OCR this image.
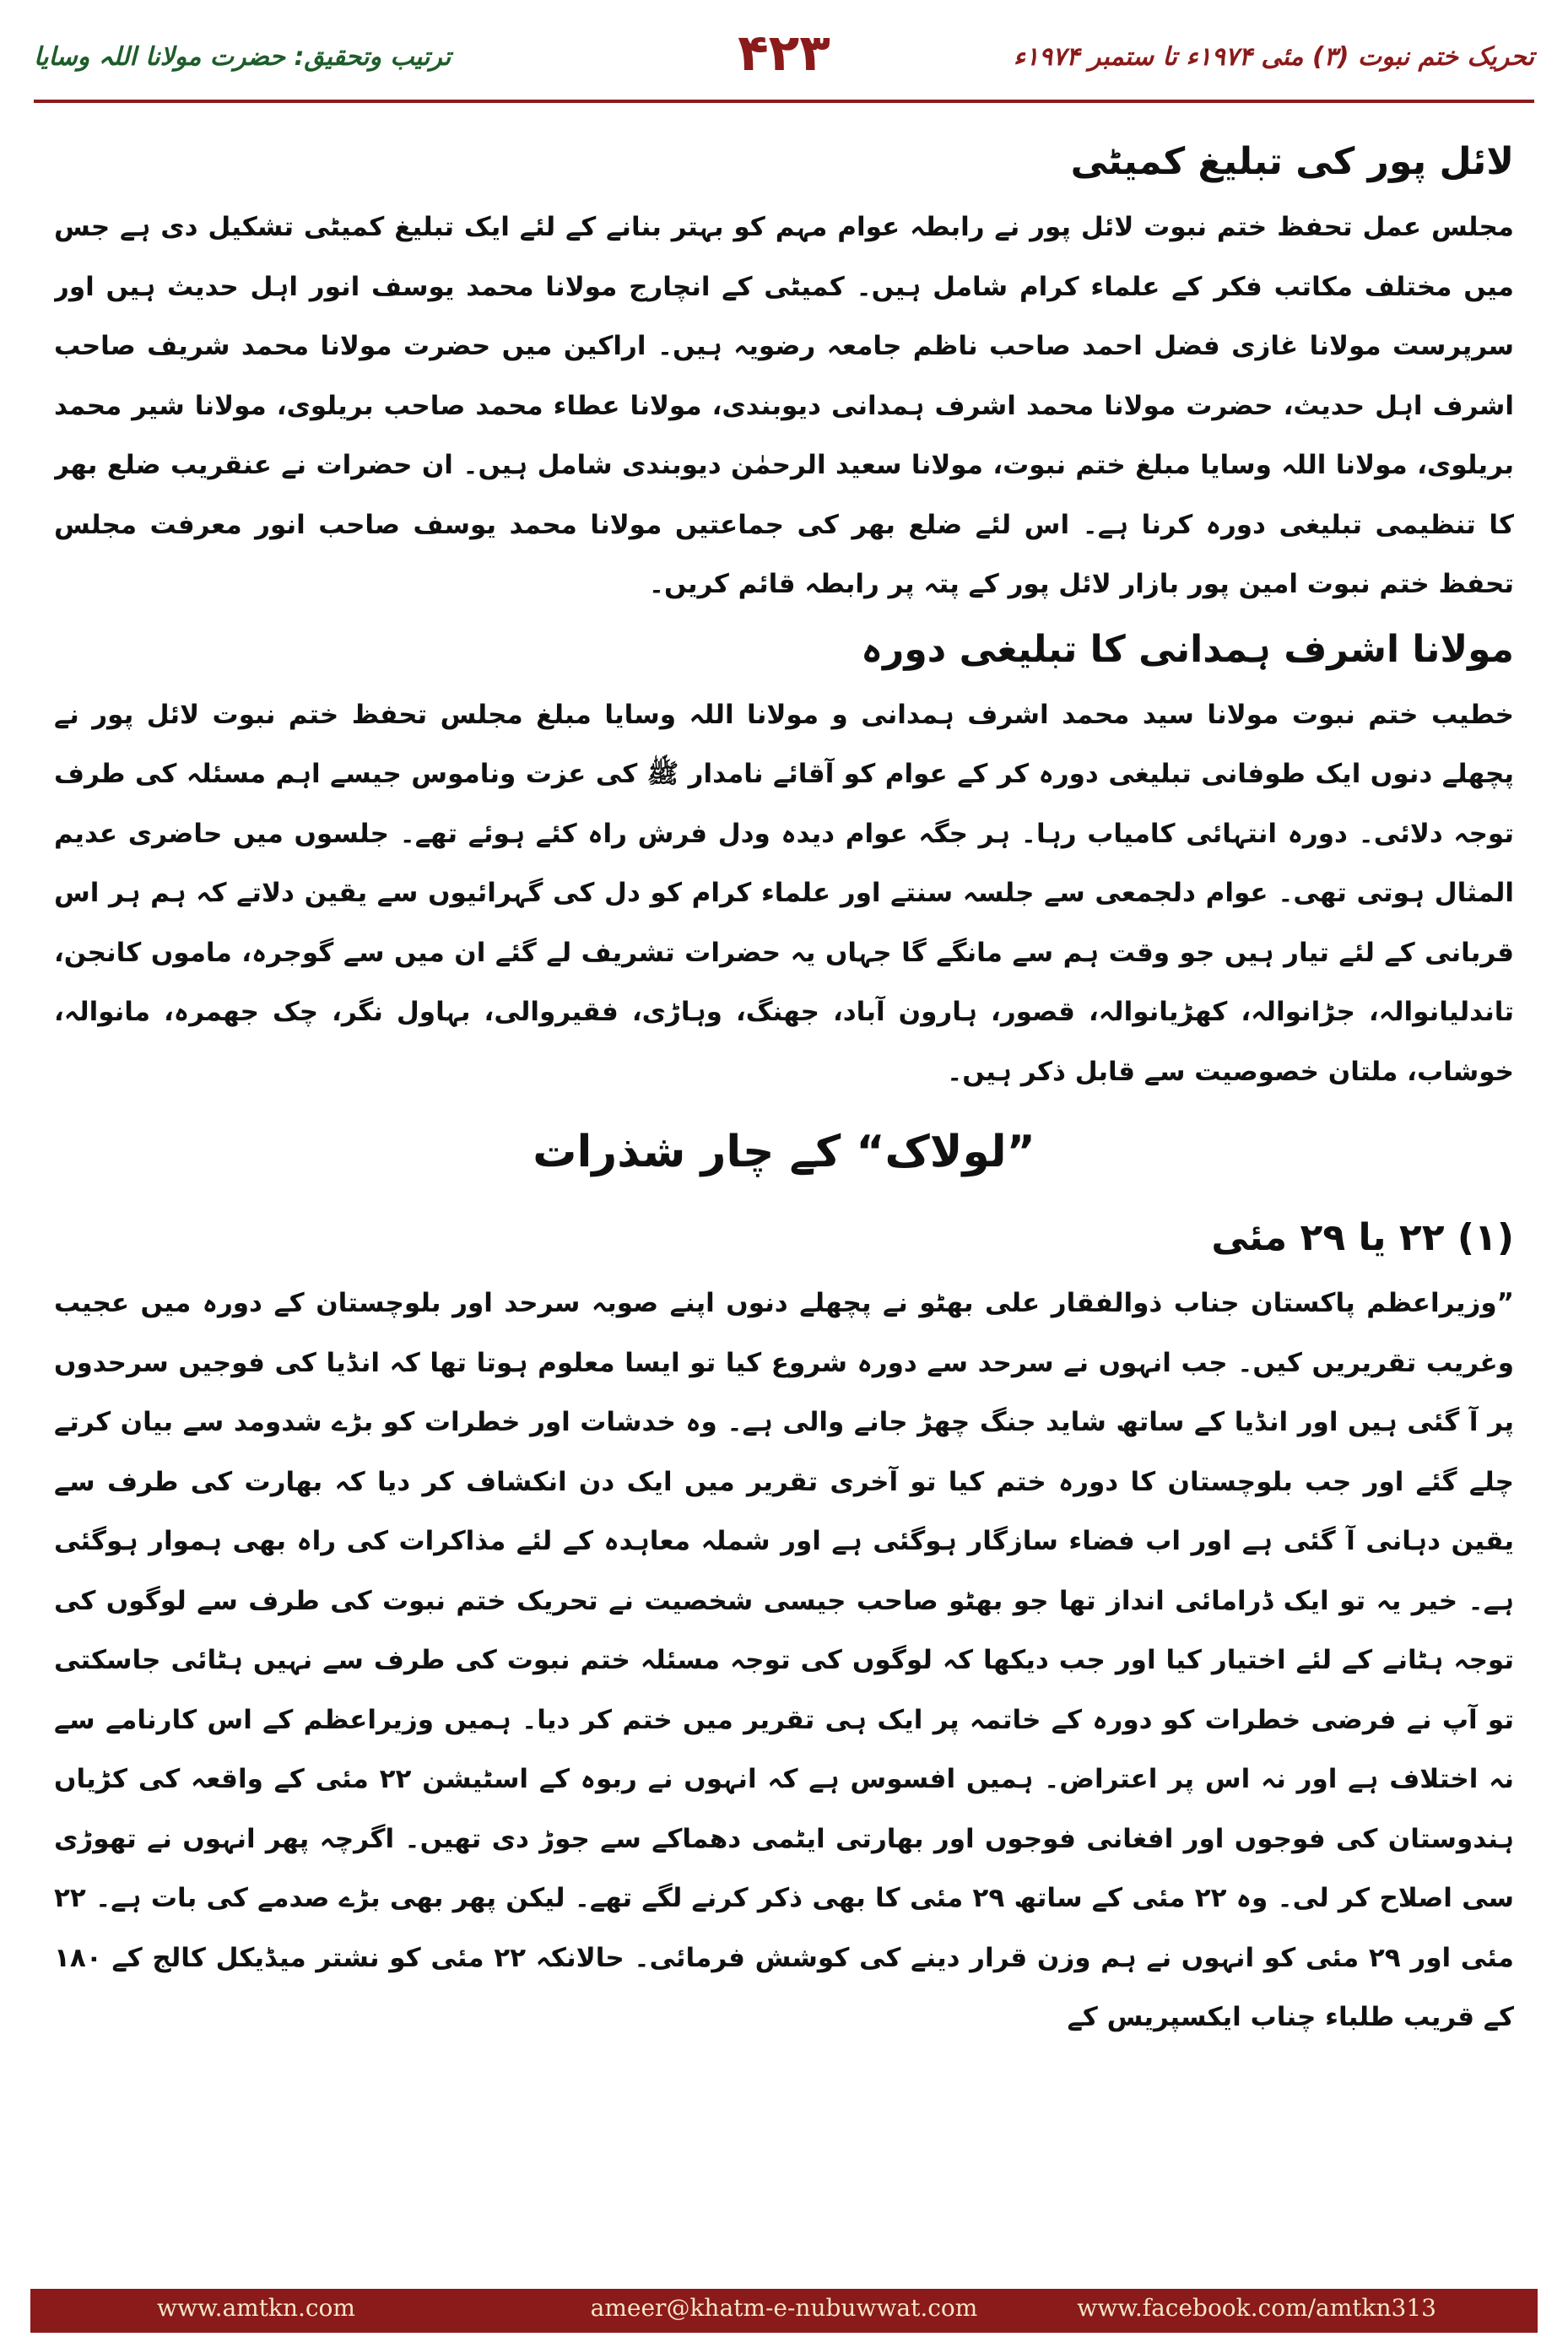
ترتیب وتحقیق: حضرت مولانا اللہ وسایا	۴۲۳	تحریک ختم نبوت (۳) مئی ۱۹۷۴ء تا ستمبر ۱۹۷۴ء
لائل پور کی تبلیغ کمیٹی

مجلس عمل تحفظ ختم نبوت لائل پور نے رابطہ عوام مہم کو بہتر بنانے کے لئے ایک تبلیغ کمیٹی تشکیل دی ہے جس میں مختلف مکاتب فکر کے علماء کرام شامل ہیں۔ کمیٹی کے انچارج مولانا محمد یوسف انور اہل حدیث ہیں اور سرپرست مولانا غازی فضل احمد صاحب ناظم جامعہ رضویہ ہیں۔ اراکین میں حضرت مولانا محمد شریف صاحب اشرف اہل حدیث، حضرت مولانا محمد اشرف ہمدانی دیوبندی، مولانا عطاء محمد صاحب بریلوی، مولانا شیر محمد بریلوی، مولانا اللہ وسایا مبلغ ختم نبوت، مولانا سعید الرحمٰن دیوبندی شامل ہیں۔ ان حضرات نے عنقریب ضلع بھر کا تنظیمی تبلیغی دورہ کرنا ہے۔ اس لئے ضلع بھر کی جماعتیں مولانا محمد یوسف صاحب انور معرفت مجلس تحفظ ختم نبوت امین پور بازار لائل پور کے پتہ پر رابطہ قائم کریں۔

مولانا اشرف ہمدانی کا تبلیغی دورہ

خطیب ختم نبوت مولانا سید محمد اشرف ہمدانی و مولانا اللہ وسایا مبلغ مجلس تحفظ ختم نبوت لائل پور نے پچھلے دنوں ایک طوفانی تبلیغی دورہ کر کے عوام کو آقائے نامدار ﷺ کی عزت وناموس جیسے اہم مسئلہ کی طرف توجہ دلائی۔ دورہ انتہائی کامیاب رہا۔ ہر جگہ عوام دیدہ ودل فرش راہ کئے ہوئے تھے۔ جلسوں میں حاضری عدیم المثال ہوتی تھی۔ عوام دلجمعی سے جلسہ سنتے اور علماء کرام کو دل کی گہرائیوں سے یقین دلاتے کہ ہم ہر اس قربانی کے لئے تیار ہیں جو وقت ہم سے مانگے گا جہاں یہ حضرات تشریف لے گئے ان میں سے گوجرہ، ماموں کانجن، تاندلیانوالہ، جڑانوالہ، کھڑیانوالہ، قصور، ہارون آباد، جھنگ، وہاڑی، فقیروالی، بہاول نگر، چک جھمرہ، مانوالہ، خوشاب، ملتان خصوصیت سے قابل ذکر ہیں۔

”لولاک“ کے چار شذرات
(۱) ۲۲ یا ۲۹ مئی

”وزیراعظم پاکستان جناب ذوالفقار علی بھٹو نے پچھلے دنوں اپنے صوبہ سرحد اور بلوچستان کے دورہ میں عجیب وغریب تقریریں کیں۔ جب انہوں نے سرحد سے دورہ شروع کیا تو ایسا معلوم ہوتا تھا کہ انڈیا کی فوجیں سرحدوں پر آ گئی ہیں اور انڈیا کے ساتھ شاید جنگ چھڑ جانے والی ہے۔ وہ خدشات اور خطرات کو بڑے شدومد سے بیان کرتے چلے گئے اور جب بلوچستان کا دورہ ختم کیا تو آخری تقریر میں ایک دن انکشاف کر دیا کہ بھارت کی طرف سے یقین دہانی آ گئی ہے اور اب فضاء سازگار ہوگئی ہے اور شملہ معاہدہ کے لئے مذاکرات کی راہ بھی ہموار ہوگئی ہے۔ خیر یہ تو ایک ڈرامائی انداز تھا جو بھٹو صاحب جیسی شخصیت نے تحریک ختم نبوت کی طرف سے لوگوں کی توجہ ہٹانے کے لئے اختیار کیا اور جب دیکھا کہ لوگوں کی توجہ مسئلہ ختم نبوت کی طرف سے نہیں ہٹائی جاسکتی تو آپ نے فرضی خطرات کو دورہ کے خاتمہ پر ایک ہی تقریر میں ختم کر دیا۔ ہمیں وزیراعظم کے اس کارنامے سے نہ اختلاف ہے اور نہ اس پر اعتراض۔ ہمیں افسوس ہے کہ انہوں نے ربوہ کے اسٹیشن ۲۲ مئی کے واقعہ کی کڑیاں ہندوستان کی فوجوں اور افغانی فوجوں اور بھارتی ایٹمی دھماکے سے جوڑ دی تھیں۔ اگرچہ پھر انہوں نے تھوڑی سی اصلاح کر لی۔ وہ ۲۲ مئی کے ساتھ ۲۹ مئی کا بھی ذکر کرنے لگے تھے۔ لیکن پھر بھی بڑے صدمے کی بات ہے۔ ۲۲ مئی اور ۲۹ مئی کو انہوں نے ہم وزن قرار دینے کی کوشش فرمائی۔ حالانکہ ۲۲ مئی کو نشتر میڈیکل کالج کے ۱۸۰ کے قریب طلباء چناب ایکسپریس کے

www.amtkn.com	ameer@khatm-e-nubuwwat.com	www.facebook.com/amtkn313
